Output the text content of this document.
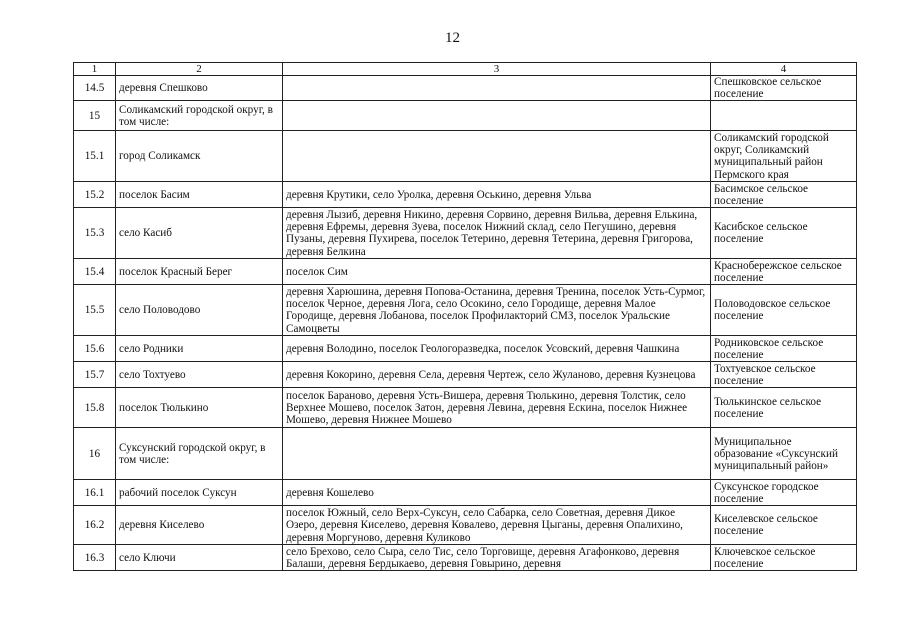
12
1	2	3	4
14.5	деревня Спешково		Спешковское сельское поселение
15	Соликамский городской округ, в том числе:		
15.1	город Соликамск		Соликамский городской округ, Соликамский муниципальный район Пермского края
15.2	поселок Басим	деревня Крутики, село Уролка, деревня Оськино, деревня Ульва	Басимское сельское поселение
15.3	село Касиб	деревня Лызиб, деревня Никино, деревня Сорвино, деревня Вильва, деревня Елькина, деревня Ефремы, деревня Зуева, поселок Нижний склад, село Пегушино, деревня Пузаны, деревня Пухирева, поселок Тетерино, деревня Тетерина, деревня Григорова, деревня Белкина	Касибское сельское поселение
15.4	поселок Красный Берег	поселок Сим	Краснобережское сельское поселение
15.5	село Половодово	деревня Харюшина, деревня Попова-Останина, деревня Тренина, поселок Усть-Сурмог, поселок Черное, деревня Лога, село Осокино, село Городище, деревня Малое Городище, деревня Лобанова, поселок Профилакторий СМЗ, поселок Уральские Самоцветы	Половодовское сельское поселение
15.6	село Родники	деревня Володино, поселок Геологоразведка, поселок Усовский, деревня Чашкина	Родниковское сельское поселение
15.7	село Тохтуево	деревня Кокорино, деревня Села, деревня Чертеж, село Жуланово, деревня Кузнецова	Тохтуевское сельское поселение
15.8	поселок Тюлькино	поселок Бараново, деревня Усть-Вишера, деревня Тюлькино, деревня Толстик, село Верхнее Мошево, поселок Затон, деревня Левина, деревня Ескина, поселок Нижнее Мошево, деревня Нижнее Мошево	Тюлькинское сельское поселение
16	Суксунский городской округ, в том числе:		Муниципальное образование «Суксунский муниципальный район»
16.1	рабочий поселок Суксун	деревня Кошелево	Суксунское городское поселение
16.2	деревня Киселево	поселок Южный, село Верх-Суксун, село Сабарка, село Советная, деревня Дикое Озеро, деревня Киселево, деревня Ковалево, деревня Цыганы, деревня Опалихино, деревня Моргуново, деревня Куликово	Киселевское сельское поселение
16.3	село Ключи	село Брехово, село Сыра, село Тис, село Торговище, деревня Агафонково, деревня Балаши, деревня Бердыкаево, деревня Говырино, деревня	Ключевское сельское поселение
